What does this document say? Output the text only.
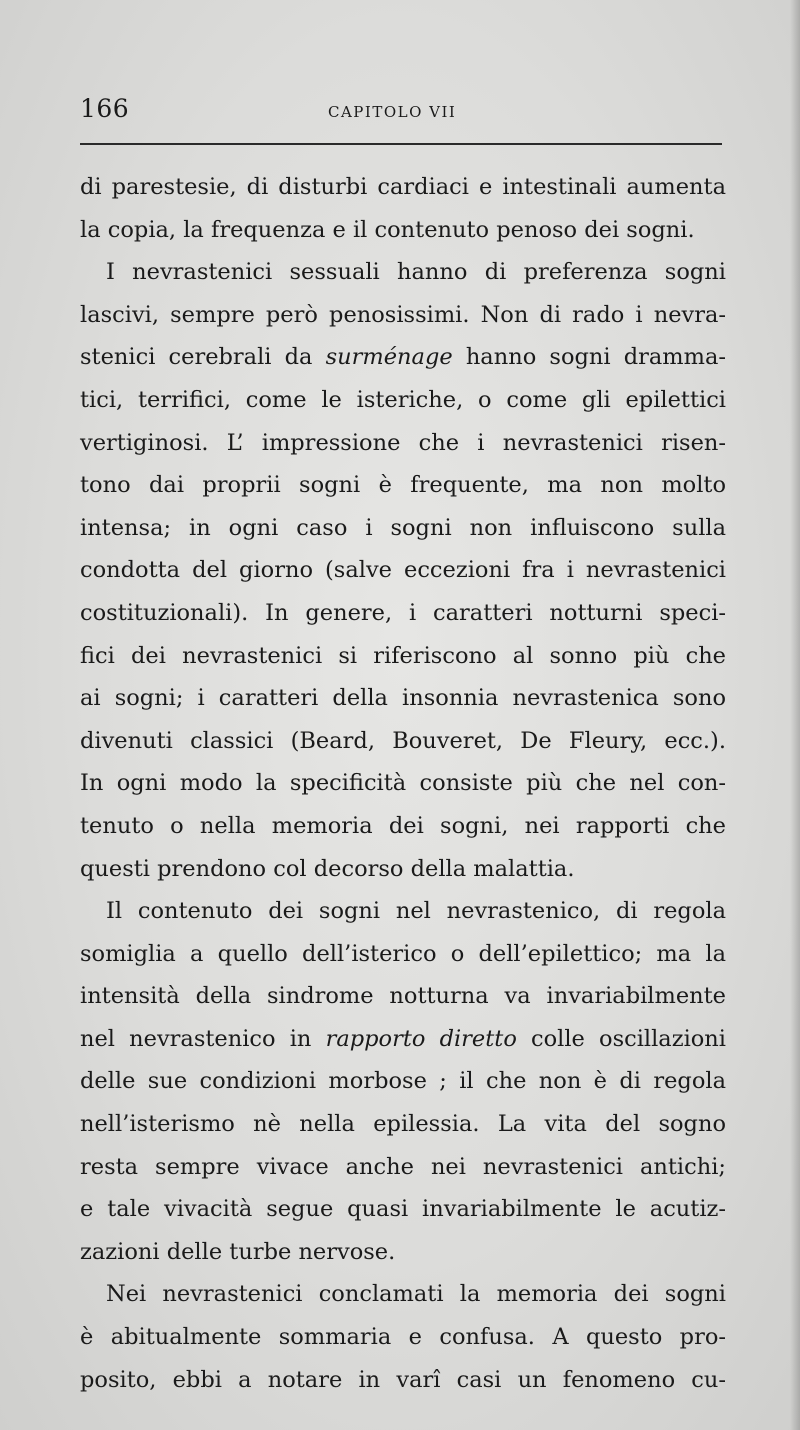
166	CAPITOLO VII
di parestesie, di disturbi cardiaci e intestinali aumenta
la copia, la frequenza e il contenuto penoso dei sogni.
I nevrastenici sessuali hanno di preferenza sogni
lascivi, sempre però penosissimi. Non di rado i nevra-
stenici cerebrali da surménage hanno sogni dramma-
tici, terrifici, come le isteriche, o come gli epilettici
vertiginosi. L’ impressione che i nevrastenici risen-
tono dai proprii sogni è frequente, ma non molto
intensa; in ogni caso i sogni non influiscono sulla
condotta del giorno (salve eccezioni fra i nevrastenici
costituzionali). In genere, i caratteri notturni speci-
fici dei nevrastenici si riferiscono al sonno più che
ai sogni; i caratteri della insonnia nevrastenica sono
divenuti classici (Beard, Bouveret, De Fleury, ecc.).
In ogni modo la specificità consiste più che nel con-
tenuto o nella memoria dei sogni, nei rapporti che
questi prendono col decorso della malattia.
Il contenuto dei sogni nel nevrastenico, di regola
somiglia a quello dell’isterico o dell’epilettico; ma la
intensità della sindrome notturna va invariabilmente
nel nevrastenico in rapporto diretto colle oscillazioni
delle sue condizioni morbose ; il che non è di regola
nell’isterismo nè nella epilessia. La vita del sogno
resta sempre vivace anche nei nevrastenici antichi;
e tale vivacità segue quasi invariabilmente le acutiz-
zazioni delle turbe nervose.
Nei nevrastenici conclamati la memoria dei sogni
è abitualmente sommaria e confusa. A questo pro-
posito, ebbi a notare in varî casi un fenomeno cu-
